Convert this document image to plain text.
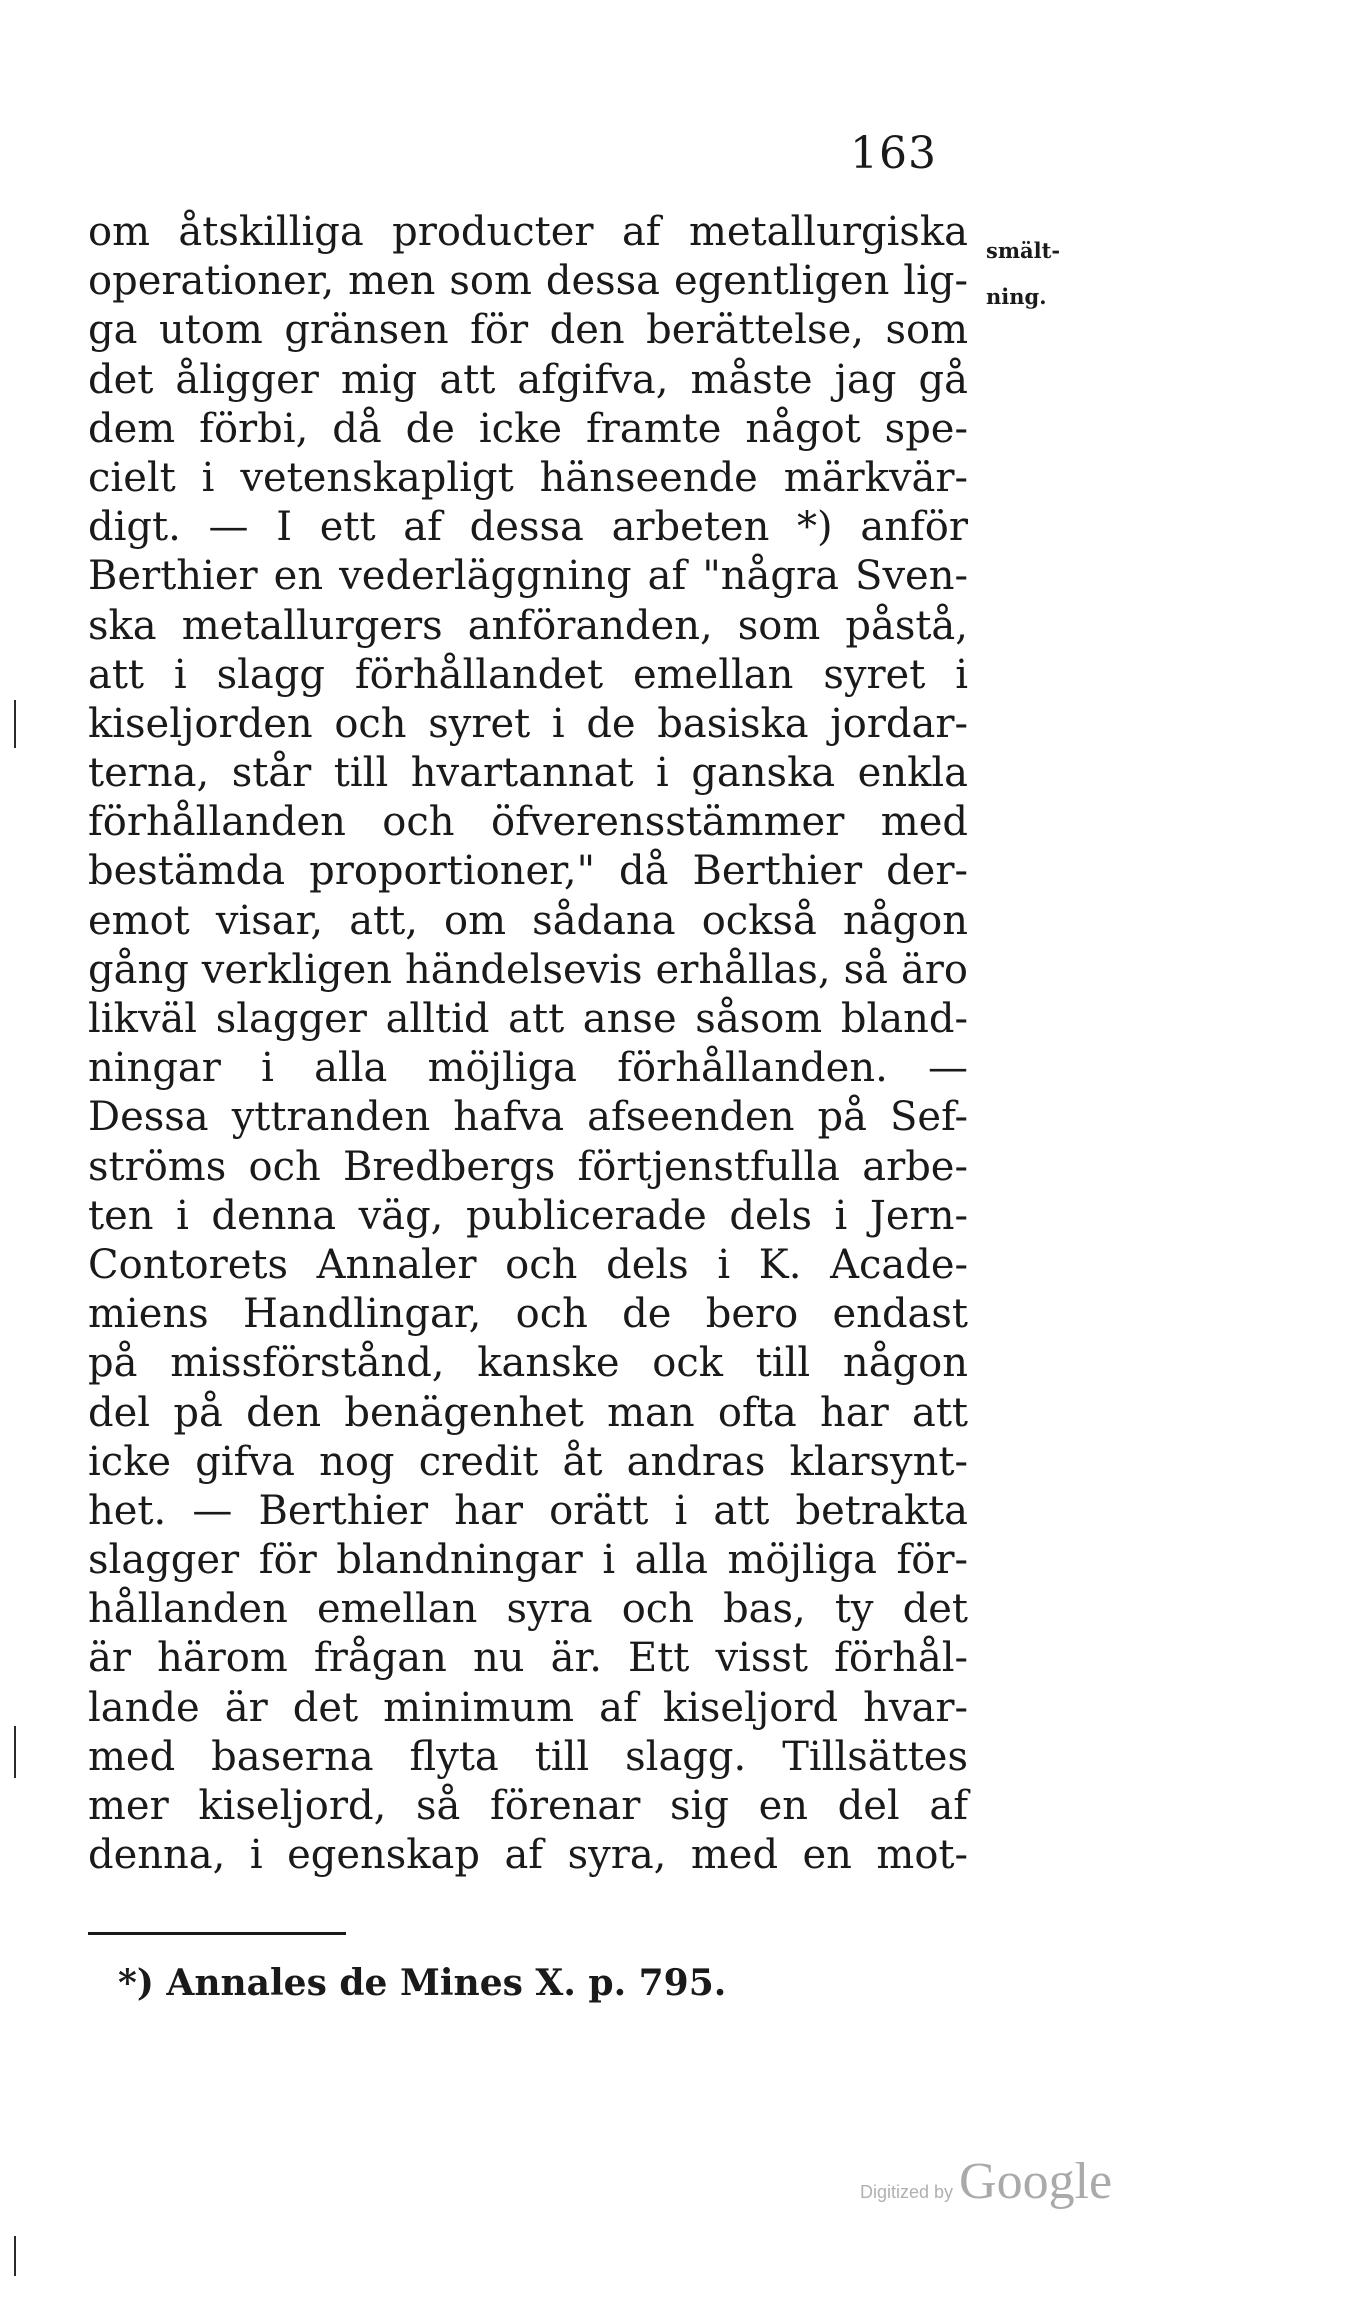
163
smält-
ning.
om åtskilliga producter af metallurgiska
operationer, men som dessa egentligen lig-
ga utom gränsen för den berättelse, som
det åligger mig att afgifva, måste jag gå
dem förbi, då de icke framte något spe-
cielt i vetenskapligt hänseende märkvär-
digt. — I ett af dessa arbeten *) anför
Berthier en vederläggning af "några Sven-
ska metallurgers anföranden, som påstå,
att i slagg förhållandet emellan syret i
kiseljorden och syret i de basiska jordar-
terna, står till hvartannat i ganska enkla
förhållanden och öfverensstämmer med
bestämda proportioner," då Berthier der-
emot visar, att, om sådana också någon
gång verkligen händelsevis erhållas, så äro
likväl slagger alltid att anse såsom bland-
ningar i alla möjliga förhållanden. —
Dessa yttranden hafva afseenden på Sef-
ströms och Bredbergs förtjenstfulla arbe-
ten i denna väg, publicerade dels i Jern-
Contorets Annaler och dels i K. Acade-
miens Handlingar, och de bero endast
på missförstånd, kanske ock till någon
del på den benägenhet man ofta har att
icke gifva nog credit åt andras klarsynt-
het. — Berthier har orätt i att betrakta
slagger för blandningar i alla möjliga för-
hållanden emellan syra och bas, ty det
är härom frågan nu är. Ett visst förhål-
lande är det minimum af kiseljord hvar-
med baserna flyta till slagg. Tillsättes
mer kiseljord, så förenar sig en del af
denna, i egenskap af syra, med en mot-
*) Annales de Mines X. p. 795.
Digitized by Google
